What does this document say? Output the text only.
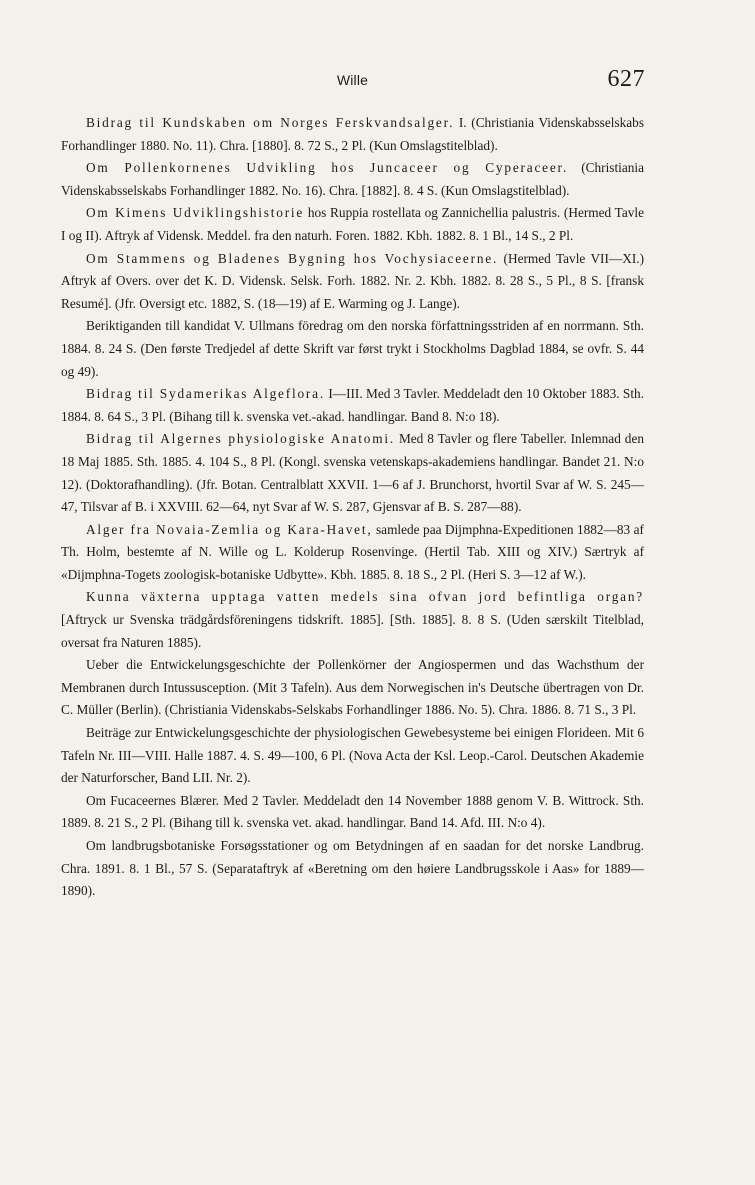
Wille	627

Bidrag til Kundskaben om Norges Ferskvandsalger. I. (Christiania Videnskabsselskabs Forhandlinger 1880. No. 11). Chra. [1880]. 8. 72 S., 2 Pl. (Kun Omslagstitelblad).

Om Pollenkornenes Udvikling hos Juncaceer og Cyperaceer. (Christiania Videnskabsselskabs Forhandlinger 1882. No. 16). Chra. [1882]. 8. 4 S. (Kun Omslagstitelblad).

Om Kimens Udviklingshistorie hos Ruppia rostellata og Zannichellia palustris. (Hermed Tavle I og II). Aftryk af Vidensk. Meddel. fra den naturh. Foren. 1882. Kbh. 1882. 8. 1 Bl., 14 S., 2 Pl.

Om Stammens og Bladenes Bygning hos Vochysiaceerne. (Hermed Tavle VII—XI.) Aftryk af Overs. over det K. D. Vidensk. Selsk. Forh. 1882. Nr. 2. Kbh. 1882. 8. 28 S., 5 Pl., 8 S. [fransk Resumé]. (Jfr. Oversigt etc. 1882, S. (18—19) af E. Warming og J. Lange).

Beriktiganden till kandidat V. Ullmans föredrag om den norska författningsstriden af en norrmann. Sth. 1884. 8. 24 S. (Den første Tredjedel af dette Skrift var først trykt i Stockholms Dagblad 1884, se ovfr. S. 44 og 49).

Bidrag til Sydamerikas Algeflora. I—III. Med 3 Tavler. Meddeladt den 10 Oktober 1883. Sth. 1884. 8. 64 S., 3 Pl. (Bihang till k. svenska vet.-akad. handlingar. Band 8. N:o 18).

Bidrag til Algernes physiologiske Anatomi. Med 8 Tavler og flere Tabeller. Inlemnad den 18 Maj 1885. Sth. 1885. 4. 104 S., 8 Pl. (Kongl. svenska vetenskaps-akademiens handlingar. Bandet 21. N:o 12). (Doktorafhandling). (Jfr. Botan. Centralblatt XXVII. 1—6 af J. Brunchorst, hvortil Svar af W. S. 245—47, Tilsvar af B. i XXVIII. 62—64, nyt Svar af W. S. 287, Gjensvar af B. S. 287—88).

Alger fra Novaia-Zemlia og Kara-Havet, samlede paa Dijmphna-Expeditionen 1882—83 af Th. Holm, bestemte af N. Wille og L. Kolderup Rosenvinge. (Hertil Tab. XIII og XIV.) Særtryk af «Dijmphna-Togets zoologisk-botaniske Udbytte». Kbh. 1885. 8. 18 S., 2 Pl. (Heri S. 3—12 af W.).

Kunna växterna upptaga vatten medels sina ofvan jord befintliga organ? [Aftryck ur Svenska trädgårdsföreningens tidskrift. 1885]. [Sth. 1885]. 8. 8 S. (Uden særskilt Titelblad, oversat fra Naturen 1885).

Ueber die Entwickelungsgeschichte der Pollenkörner der Angiospermen und das Wachsthum der Membranen durch Intussusception. (Mit 3 Tafeln). Aus dem Norwegischen in's Deutsche übertragen von Dr. C. Müller (Berlin). (Christiania Videnskabs-Selskabs Forhandlinger 1886. No. 5). Chra. 1886. 8. 71 S., 3 Pl.

Beiträge zur Entwickelungsgeschichte der physiologischen Gewebesysteme bei einigen Florideen. Mit 6 Tafeln Nr. III—VIII. Halle 1887. 4. S. 49—100, 6 Pl. (Nova Acta der Ksl. Leop.-Carol. Deutschen Akademie der Naturforscher, Band LII. Nr. 2).

Om Fucaceernes Blærer. Med 2 Tavler. Meddeladt den 14 November 1888 genom V. B. Wittrock. Sth. 1889. 8. 21 S., 2 Pl. (Bihang till k. svenska vet. akad. handlingar. Band 14. Afd. III. N:o 4).

Om landbrugsbotaniske Forsøgsstationer og om Betydningen af en saadan for det norske Landbrug. Chra. 1891. 8. 1 Bl., 57 S. (Separataftryk af «Beretning om den høiere Landbrugsskole i Aas» for 1889—1890).
